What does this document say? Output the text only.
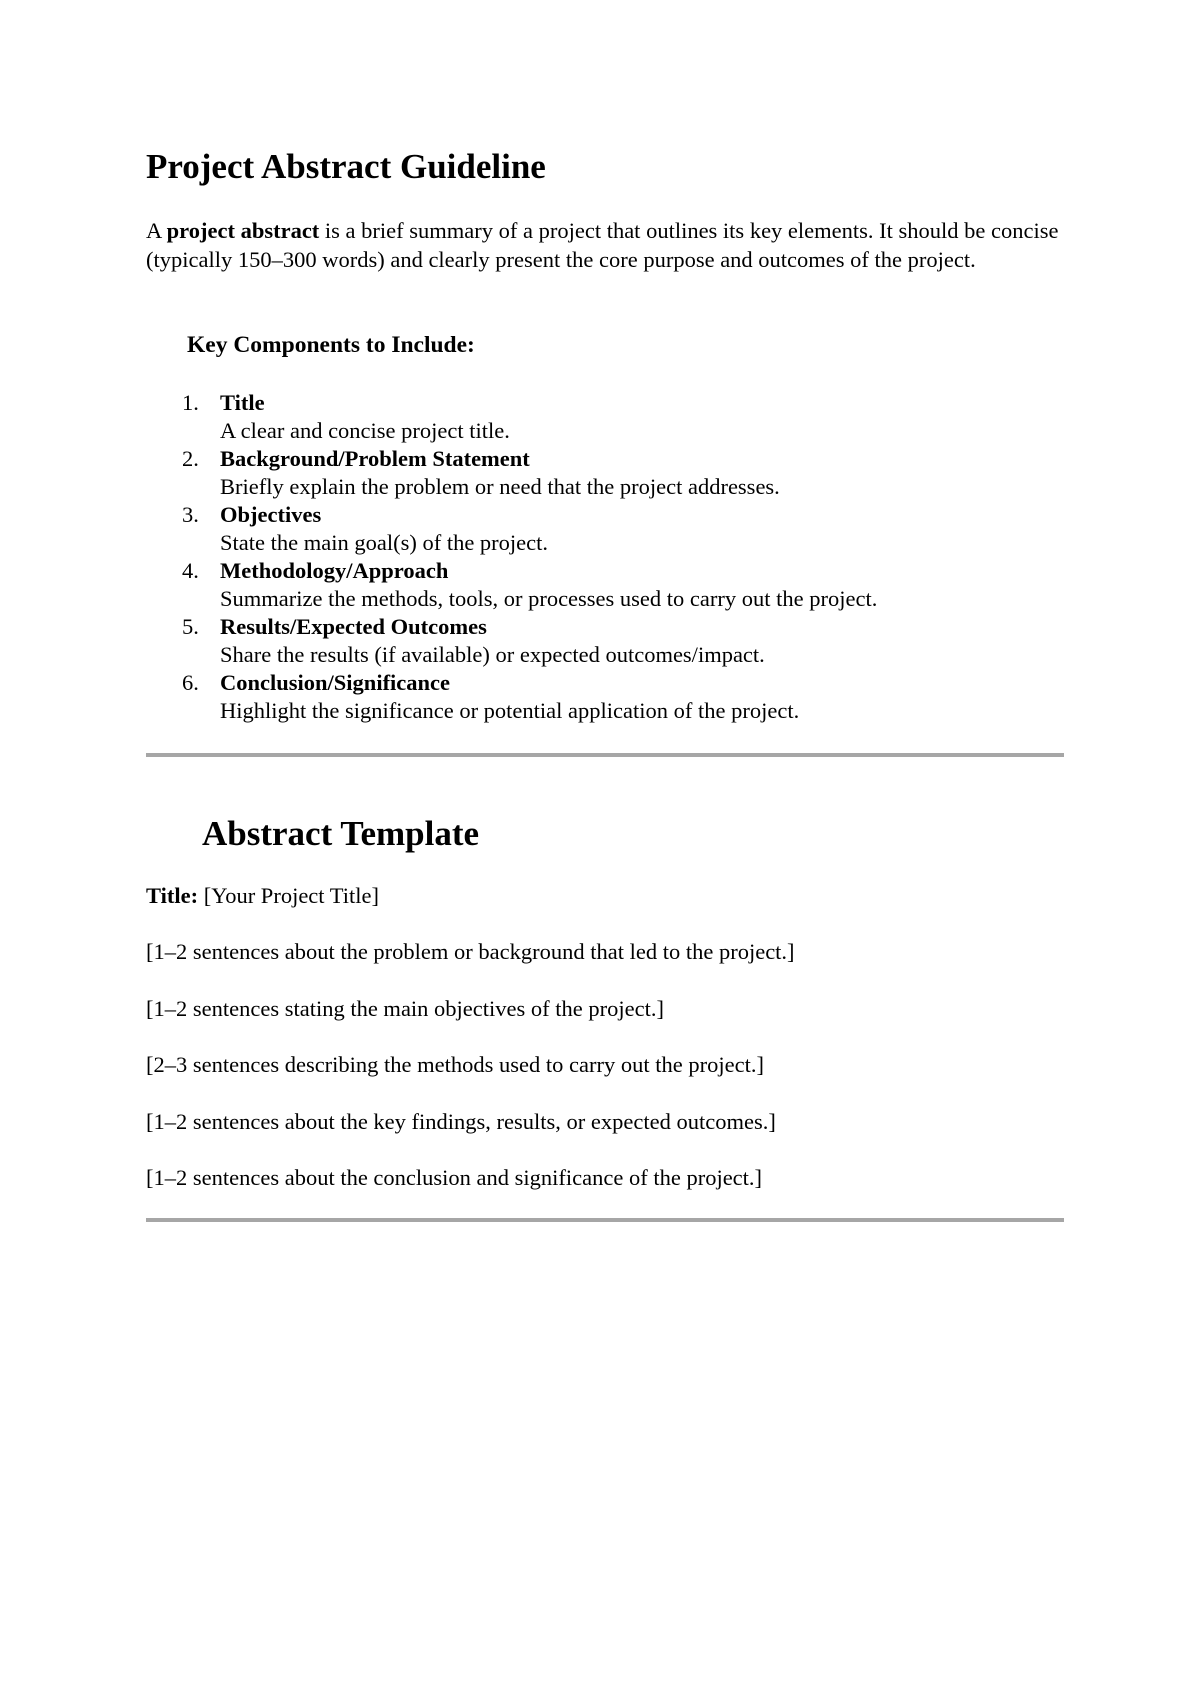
Project Abstract Guideline

A project abstract is a brief summary of a project that outlines its key elements. It should be concise (typically 150–300 words) and clearly present the core purpose and outcomes of the project.

Key Components to Include:
1. Title
A clear and concise project title.
2. Background/Problem Statement
Briefly explain the problem or need that the project addresses.
3. Objectives
State the main goal(s) of the project.
4. Methodology/Approach
Summarize the methods, tools, or processes used to carry out the project.
5. Results/Expected Outcomes
Share the results (if available) or expected outcomes/impact.
6. Conclusion/Significance
Highlight the significance or potential application of the project.
Abstract Template

Title: [Your Project Title]

[1–2 sentences about the problem or background that led to the project.]
[1–2 sentences stating the main objectives of the project.]
[2–3 sentences describing the methods used to carry out the project.]
[1–2 sentences about the key findings, results, or expected outcomes.]
[1–2 sentences about the conclusion and significance of the project.]
